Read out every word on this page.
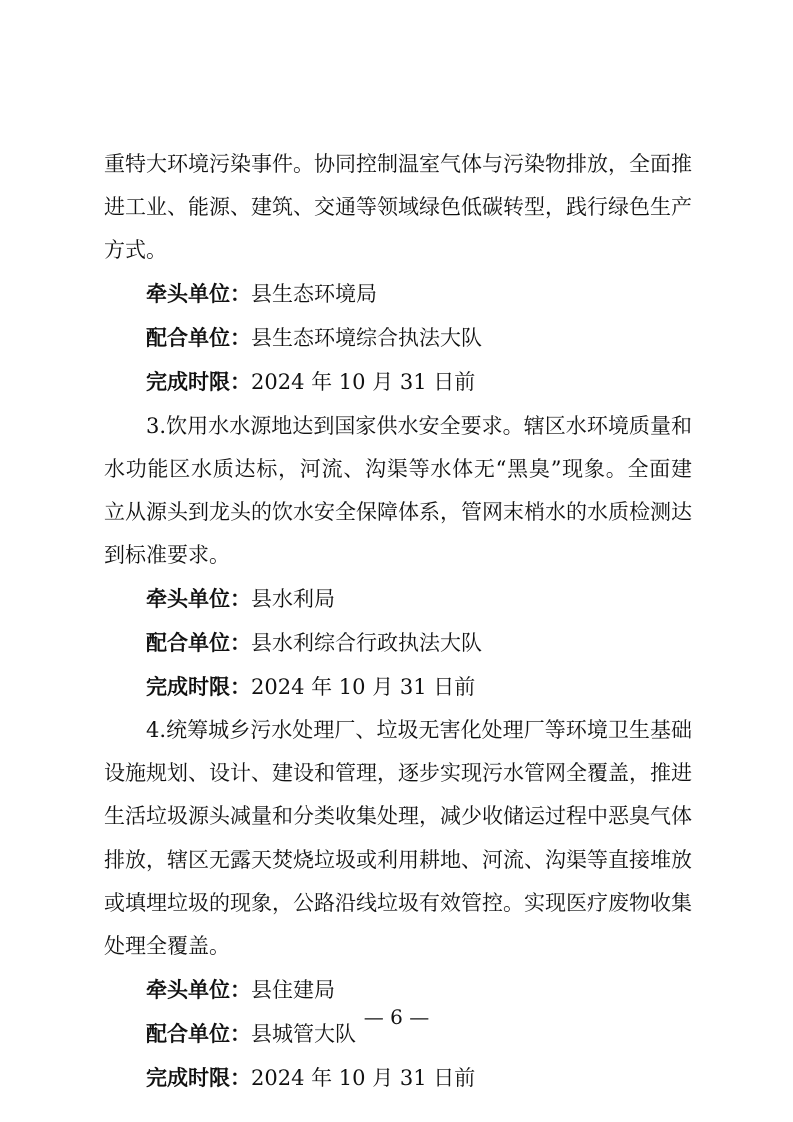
重特大环境污染事件。协同控制温室气体与污染物排放，全面推进工业、能源、建筑、交通等领域绿色低碳转型，践行绿色生产方式。

牵头单位：县生态环境局

配合单位：县生态环境综合执法大队

完成时限：2024 年 10 月 31 日前

3.饮用水水源地达到国家供水安全要求。辖区水环境质量和水功能区水质达标，河流、沟渠等水体无“黑臭”现象。全面建立从源头到龙头的饮水安全保障体系，管网末梢水的水质检测达到标准要求。

牵头单位：县水利局

配合单位：县水利综合行政执法大队

完成时限：2024 年 10 月 31 日前

4.统筹城乡污水处理厂、垃圾无害化处理厂等环境卫生基础设施规划、设计、建设和管理，逐步实现污水管网全覆盖，推进生活垃圾源头减量和分类收集处理，减少收储运过程中恶臭气体排放，辖区无露天焚烧垃圾或利用耕地、河流、沟渠等直接堆放或填埋垃圾的现象，公路沿线垃圾有效管控。实现医疗废物收集处理全覆盖。

牵头单位：县住建局

配合单位：县城管大队

完成时限：2024 年 10 月 31 日前

— 6 —
